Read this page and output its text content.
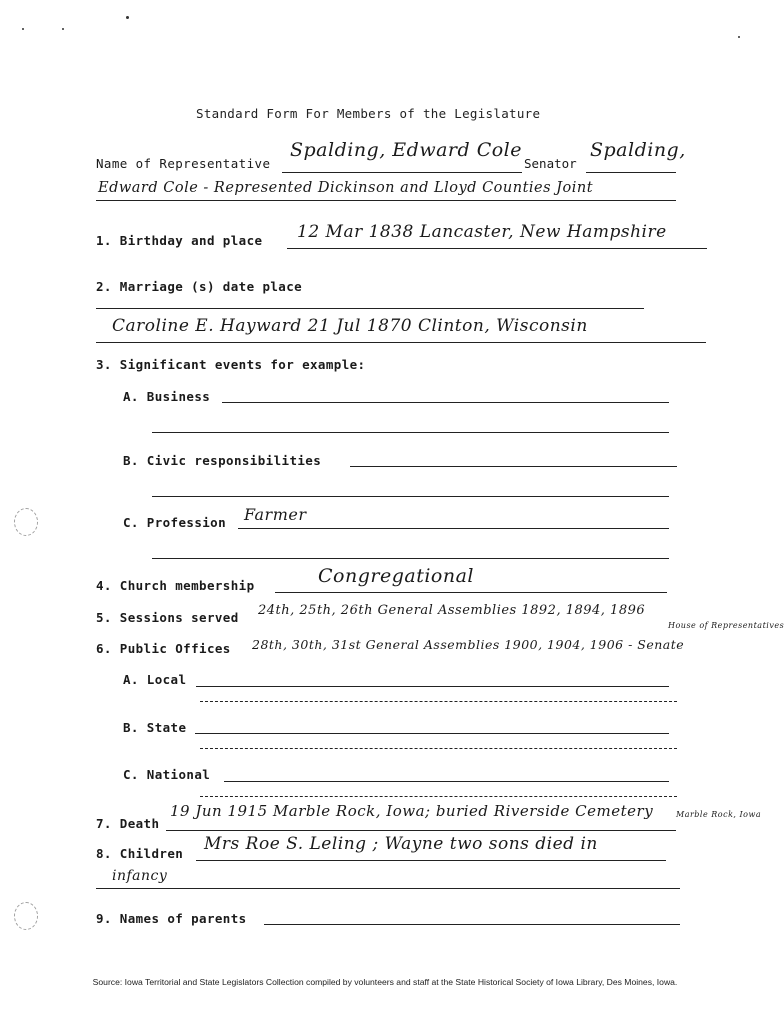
Standard Form For Members of the Legislature
Name of Representative
Spalding, Edward Cole
Senator
Spalding,
Edward Cole - Represented Dickinson and Lloyd Counties Joint
1. Birthday and place 12 Mar 1838 Lancaster, New Hampshire
2. Marriage (s) date place
Caroline E. Hayward 21 Jul 1870 Clinton, Wisconsin
3. Significant events for example:
A. Business
B. Civic responsibilities
C. Profession Farmer
4. Church membership	Congregational
5. Sessions served 24th, 25th, 26th General Assemblies 1892, 1894, 1896
House of Representatives
6. Public Offices 28th, 30th, 31st General Assemblies 1900, 1904, 1906 - Senate
A. Local
B. State
C. National
7. Death
19 Jun 1915 Marble Rock, Iowa; buried Riverside Cemetery	Marble Rock, Iowa
8. Children Mrs Roe S. Leling ; Wayne two sons died in
infancy
9. Names of parents
Source: Iowa Territorial and State Legislators Collection compiled by volunteers and staff at the State Historical Society of Iowa Library, Des Moines, Iowa.
